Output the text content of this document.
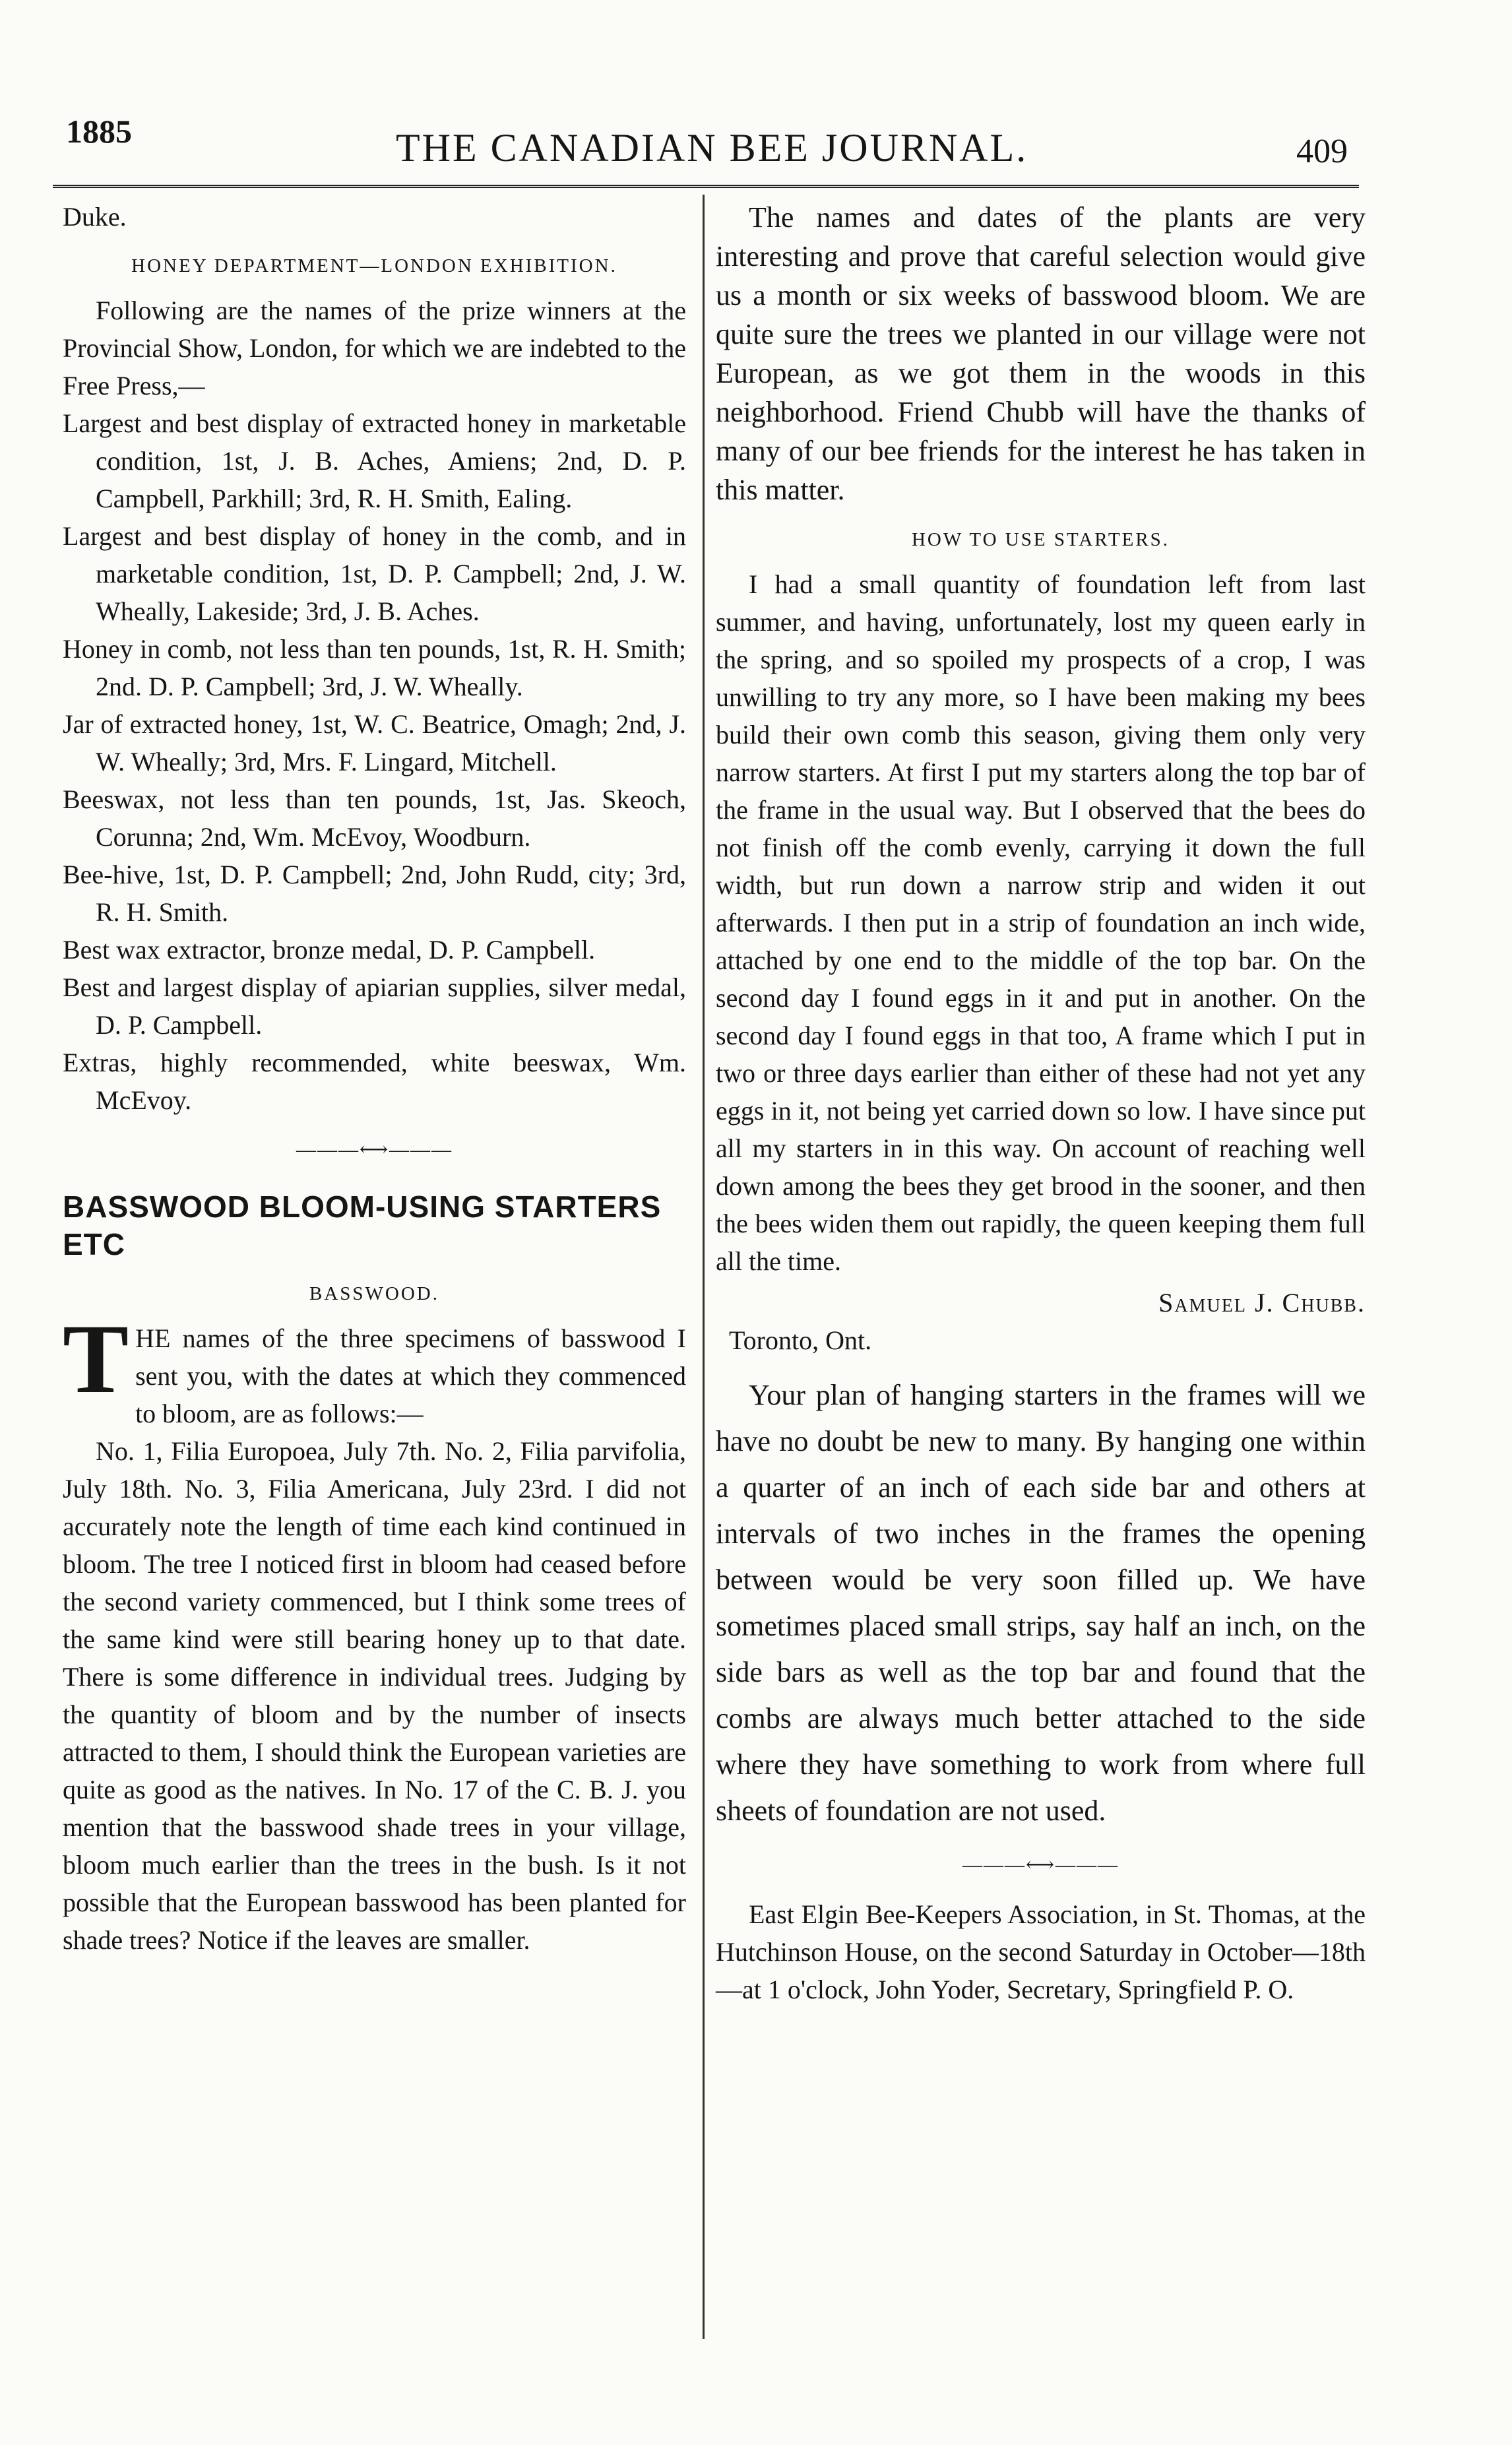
1885	THE CANADIAN BEE JOURNAL.	409

Duke.

HONEY DEPARTMENT—LONDON EXHIBITION.

Following are the names of the prize winners at the Provincial Show, London, for which we are indebted to the Free Press,—

Largest and best display of extracted honey in marketable condition, 1st, J. B. Aches, Amiens; 2nd, D. P. Campbell, Parkhill; 3rd, R. H. Smith, Ealing.

Largest and best display of honey in the comb, and in marketable condition, 1st, D. P. Campbell; 2nd, J. W. Wheally, Lakeside; 3rd, J. B. Aches.

Honey in comb, not less than ten pounds, 1st, R. H. Smith; 2nd. D. P. Campbell; 3rd, J. W. Wheally.

Jar of extracted honey, 1st, W. C. Beatrice, Omagh; 2nd, J. W. Wheally; 3rd, Mrs. F. Lingard, Mitchell.

Beeswax, not less than ten pounds, 1st, Jas. Skeoch, Corunna; 2nd, Wm. McEvoy, Woodburn.

Bee-hive, 1st, D. P. Campbell; 2nd, John Rudd, city; 3rd, R. H. Smith.

Best wax extractor, bronze medal, D. P. Campbell.

Best and largest display of apiarian supplies, silver medal, D. P. Campbell.

Extras, highly recommended, white beeswax, Wm. McEvoy.

———⟷———
BASSWOOD BLOOM-USING STARTERS ETC
BASSWOOD.

THE names of the three specimens of basswood I sent you, with the dates at which they commenced to bloom, are as follows:—

No. 1, Filia Europoea, July 7th. No. 2, Filia parvifolia, July 18th. No. 3, Filia Americana, July 23rd. I did not accurately note the length of time each kind continued in bloom. The tree I noticed first in bloom had ceased before the second variety commenced, but I think some trees of the same kind were still bearing honey up to that date. There is some difference in individual trees. Judging by the quantity of bloom and by the number of insects attracted to them, I should think the European varieties are quite as good as the natives. In No. 17 of the C. B. J. you mention that the basswood shade trees in your village, bloom much earlier than the trees in the bush. Is it not possible that the European basswood has been planted for shade trees? Notice if the leaves are smaller.

The names and dates of the plants are very interesting and prove that careful selection would give us a month or six weeks of basswood bloom. We are quite sure the trees we planted in our village were not European, as we got them in the woods in this neighborhood. Friend Chubb will have the thanks of many of our bee friends for the interest he has taken in this matter.

HOW TO USE STARTERS.

I had a small quantity of foundation left from last summer, and having, unfortunately, lost my queen early in the spring, and so spoiled my prospects of a crop, I was unwilling to try any more, so I have been making my bees build their own comb this season, giving them only very narrow starters. At first I put my starters along the top bar of the frame in the usual way. But I observed that the bees do not finish off the comb evenly, carrying it down the full width, but run down a narrow strip and widen it out afterwards. I then put in a strip of foundation an inch wide, attached by one end to the middle of the top bar. On the second day I found eggs in it and put in another. On the second day I found eggs in that too, A frame which I put in two or three days earlier than either of these had not yet any eggs in it, not being yet carried down so low. I have since put all my starters in in this way. On account of reaching well down among the bees they get brood in the sooner, and then the bees widen them out rapidly, the queen keeping them full all the time.

Samuel J. Chubb.

Toronto, Ont.

Your plan of hanging starters in the frames will we have no doubt be new to many. By hanging one within a quarter of an inch of each side bar and others at intervals of two inches in the frames the opening between would be very soon filled up. We have sometimes placed small strips, say half an inch, on the side bars as well as the top bar and found that the combs are always much better attached to the side where they have something to work from where full sheets of foundation are not used.

———⟷———

East Elgin Bee-Keepers Association, in St. Thomas, at the Hutchinson House, on the second Saturday in October—18th—at 1 o'clock, John Yoder, Secretary, Springfield P. O.
